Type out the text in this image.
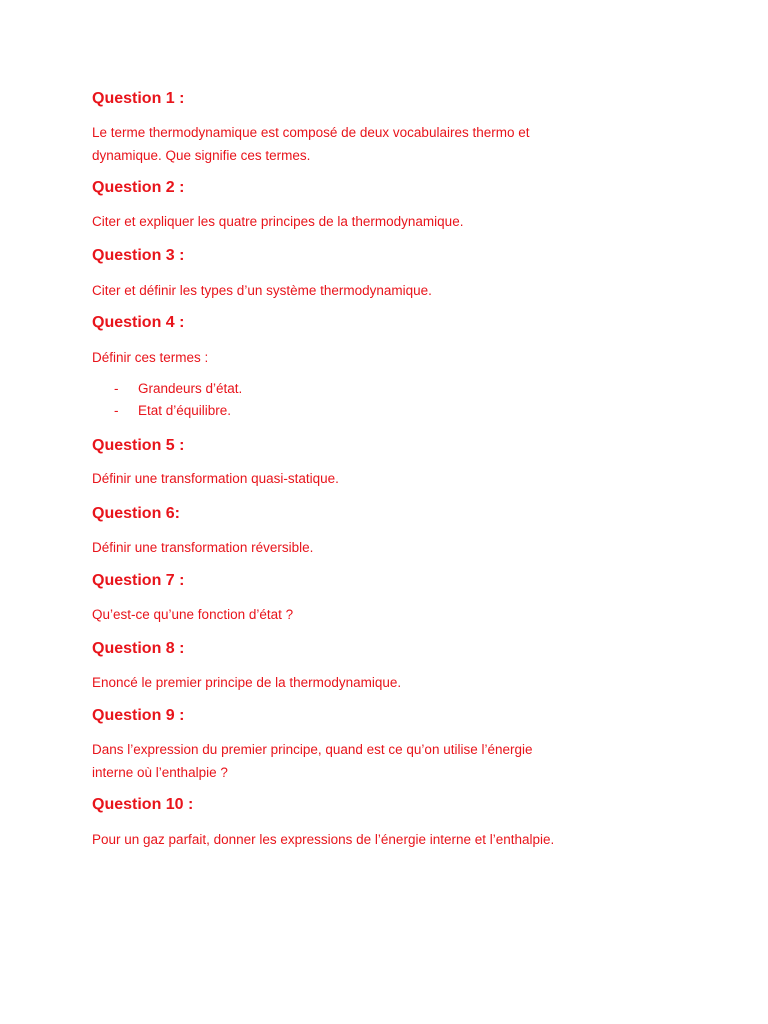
Question 1 :
Le terme thermodynamique est composé de deux vocabulaires thermo et
dynamique. Que signifie ces termes.
Question 2 :
Citer et expliquer les quatre principes de la thermodynamique.
Question 3 :
Citer et définir les types d’un système thermodynamique.
Question 4 :
Définir ces termes :
- Grandeurs d’état.
- Etat d’équilibre.
Question 5 :
Définir une transformation quasi-statique.
Question 6:
Définir une transformation réversible.
Question 7 :
Qu’est-ce qu’une fonction d’état ?
Question 8 :
Enoncé le premier principe de la thermodynamique.
Question 9 :
Dans l’expression du premier principe, quand est ce qu’on utilise l’énergie
interne où l’enthalpie ?
Question 10 :
Pour un gaz parfait, donner les expressions de l’énergie interne et l’enthalpie.
